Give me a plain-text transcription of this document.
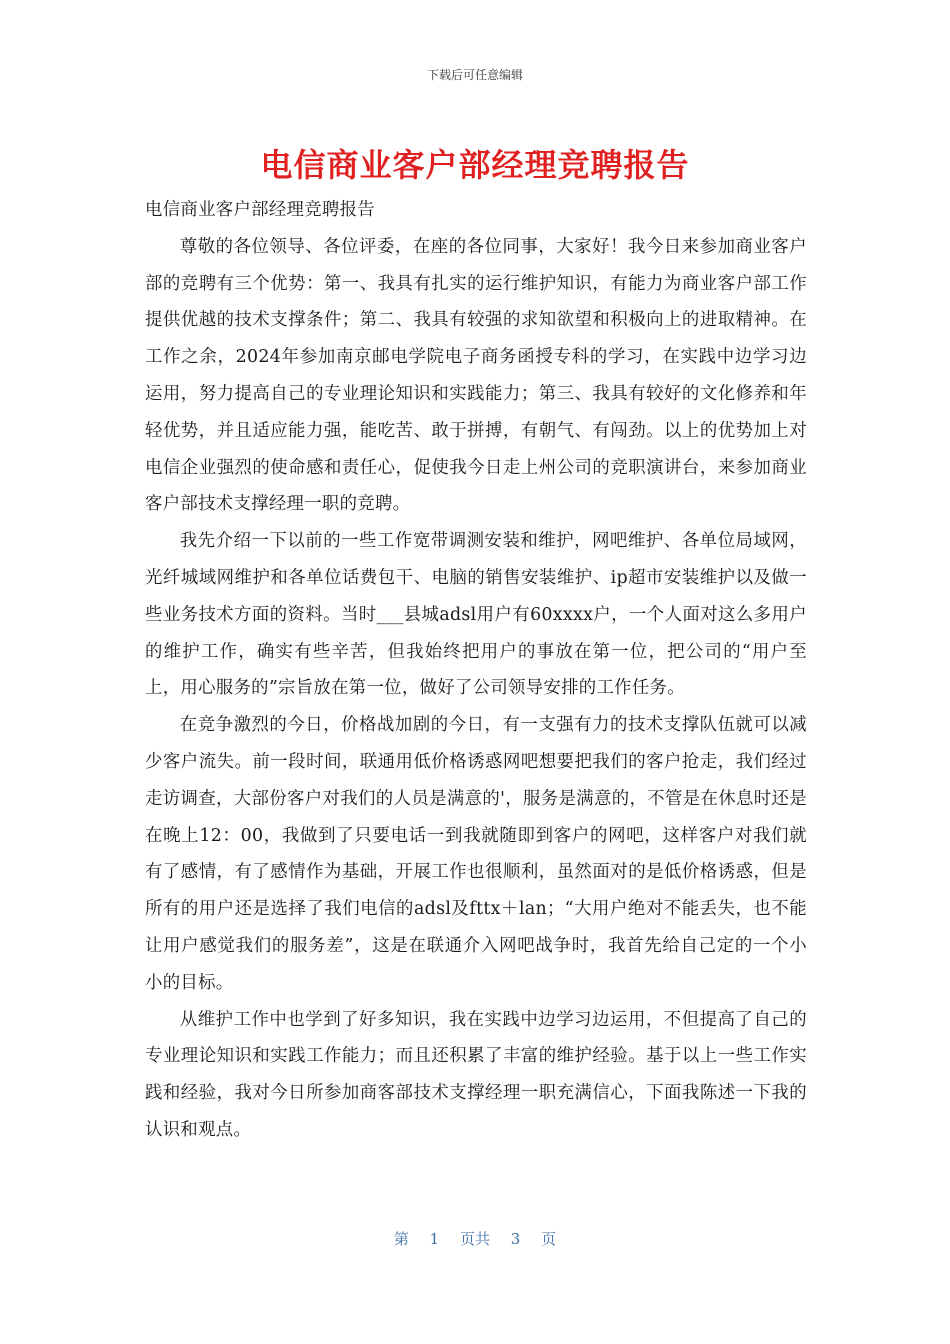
下载后可任意编辑
电信商业客户部经理竞聘报告

电信商业客户部经理竞聘报告

尊敬的各位领导、各位评委，在座的各位同事，大家好！我今日来参加商业客户部的竞聘有三个优势：第一、我具有扎实的运行维护知识，有能力为商业客户部工作提供优越的技术支撑条件；第二、我具有较强的求知欲望和积极向上的进取精神。在工作之余，2024年参加南京邮电学院电子商务函授专科的学习，在实践中边学习边运用，努力提高自己的专业理论知识和实践能力；第三、我具有较好的文化修养和年轻优势，并且适应能力强，能吃苦、敢于拼搏，有朝气、有闯劲。以上的优势加上对电信企业强烈的使命感和责任心，促使我今日走上州公司的竞职演讲台，来参加商业客户部技术支撑经理一职的竞聘。

我先介绍一下以前的一些工作宽带调测安装和维护，网吧维护、各单位局域网，光纤城域网维护和各单位话费包干、电脑的销售安装维护、ip超市安装维护以及做一些业务技术方面的资料。当时___县城adsl用户有60xxxx户，一个人面对这么多用户的维护工作，确实有些辛苦，但我始终把用户的事放在第一位，把公司的“用户至上，用心服务的”宗旨放在第一位，做好了公司领导安排的工作任务。

在竞争激烈的今日，价格战加剧的今日，有一支强有力的技术支撑队伍就可以减少客户流失。前一段时间，联通用低价格诱惑网吧想要把我们的客户抢走，我们经过走访调查，大部份客户对我们的人员是满意的'，服务是满意的，不管是在休息时还是在晚上12：00，我做到了只要电话一到我就随即到客户的网吧，这样客户对我们就有了感情，有了感情作为基础，开展工作也很顺利，虽然面对的是低价格诱惑，但是所有的用户还是选择了我们电信的adsl及fttx＋lan；“大用户绝对不能丢失，也不能让用户感觉我们的服务差”，这是在联通介入网吧战争时，我首先给自己定的一个小小的目标。

从维护工作中也学到了好多知识，我在实践中边学习边运用，不但提高了自己的专业理论知识和实践工作能力；而且还积累了丰富的维护经验。基于以上一些工作实践和经验，我对今日所参加商客部技术支撑经理一职充满信心，下面我陈述一下我的认识和观点。

第 1 页共 3 页
